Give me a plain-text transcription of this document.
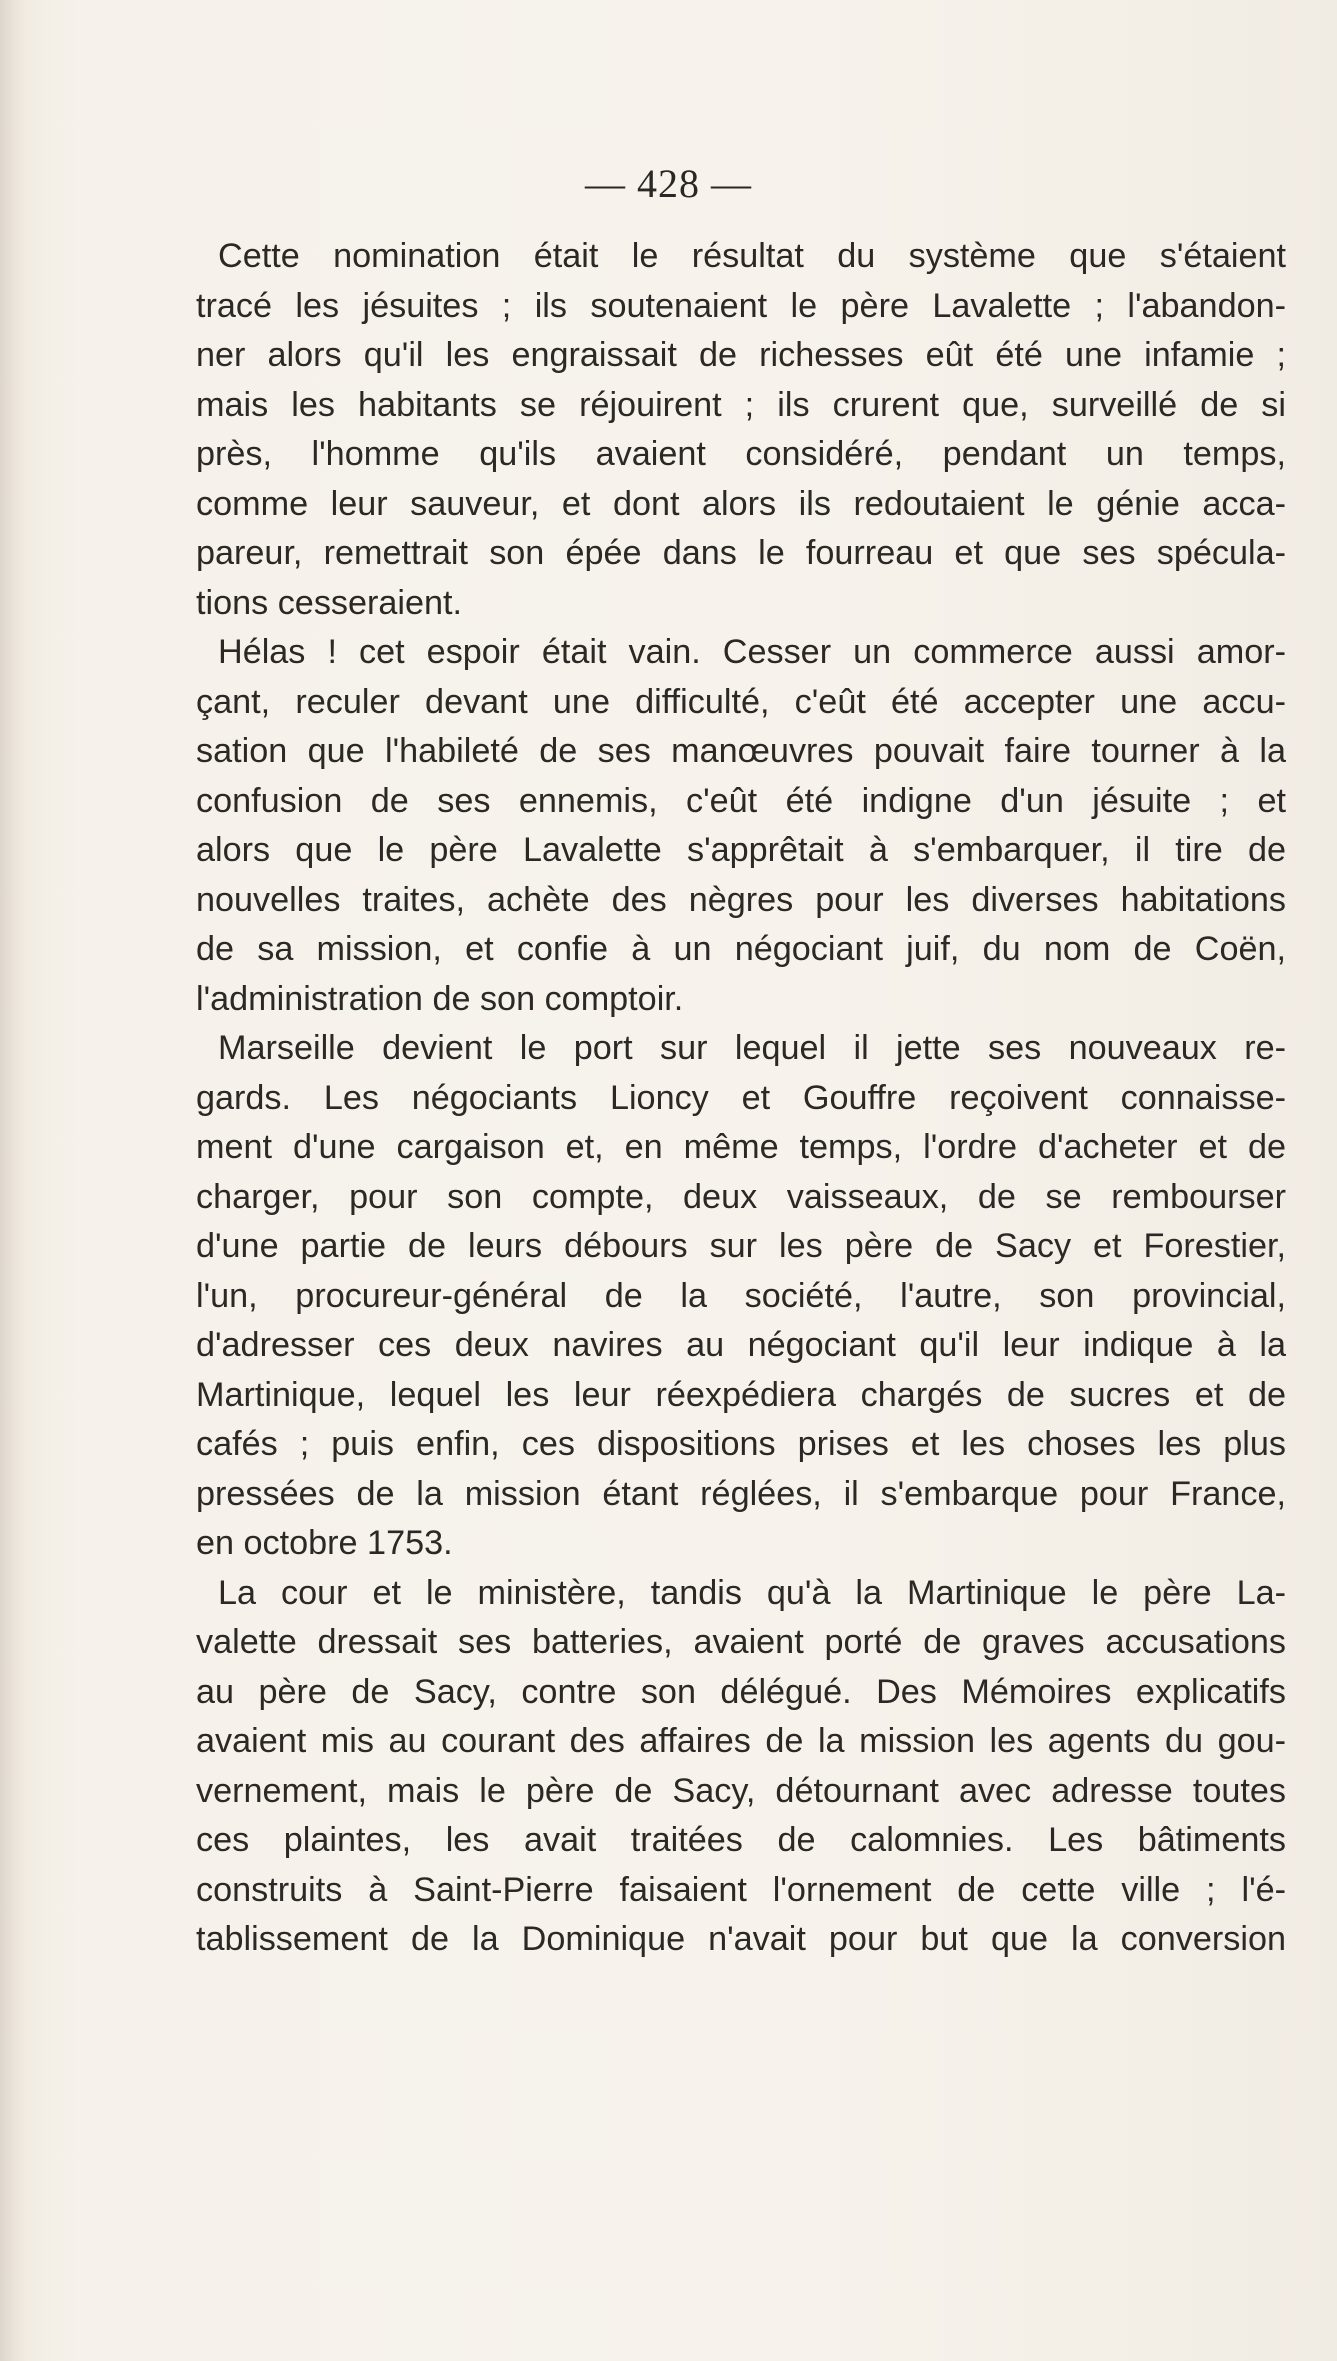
— 428 —
Cette nomination était le résultat du système que s'étaient
tracé les jésuites ; ils soutenaient le père Lavalette ; l'abandon-
ner alors qu'il les engraissait de richesses eût été une infamie ;
mais les habitants se réjouirent ; ils crurent que, surveillé de si
près, l'homme qu'ils avaient considéré, pendant un temps,
comme leur sauveur, et dont alors ils redoutaient le génie acca-
pareur, remettrait son épée dans le fourreau et que ses spécula-
tions cesseraient.
Hélas ! cet espoir était vain. Cesser un commerce aussi amor-
çant, reculer devant une difficulté, c'eût été accepter une accu-
sation que l'habileté de ses manœuvres pouvait faire tourner à la
confusion de ses ennemis, c'eût été indigne d'un jésuite ; et
alors que le père Lavalette s'apprêtait à s'embarquer, il tire de
nouvelles traites, achète des nègres pour les diverses habitations
de sa mission, et confie à un négociant juif, du nom de Coën,
l'administration de son comptoir.
Marseille devient le port sur lequel il jette ses nouveaux re-
gards. Les négociants Lioncy et Gouffre reçoivent connaisse-
ment d'une cargaison et, en même temps, l'ordre d'acheter et de
charger, pour son compte, deux vaisseaux, de se rembourser
d'une partie de leurs débours sur les père de Sacy et Forestier,
l'un, procureur-général de la société, l'autre, son provincial,
d'adresser ces deux navires au négociant qu'il leur indique à la
Martinique, lequel les leur réexpédiera chargés de sucres et de
cafés ; puis enfin, ces dispositions prises et les choses les plus
pressées de la mission étant réglées, il s'embarque pour France,
en octobre 1753.
La cour et le ministère, tandis qu'à la Martinique le père La-
valette dressait ses batteries, avaient porté de graves accusations
au père de Sacy, contre son délégué. Des Mémoires explicatifs
avaient mis au courant des affaires de la mission les agents du gou-
vernement, mais le père de Sacy, détournant avec adresse toutes
ces plaintes, les avait traitées de calomnies. Les bâtiments
construits à Saint-Pierre faisaient l'ornement de cette ville ; l'é-
tablissement de la Dominique n'avait pour but que la conversion
